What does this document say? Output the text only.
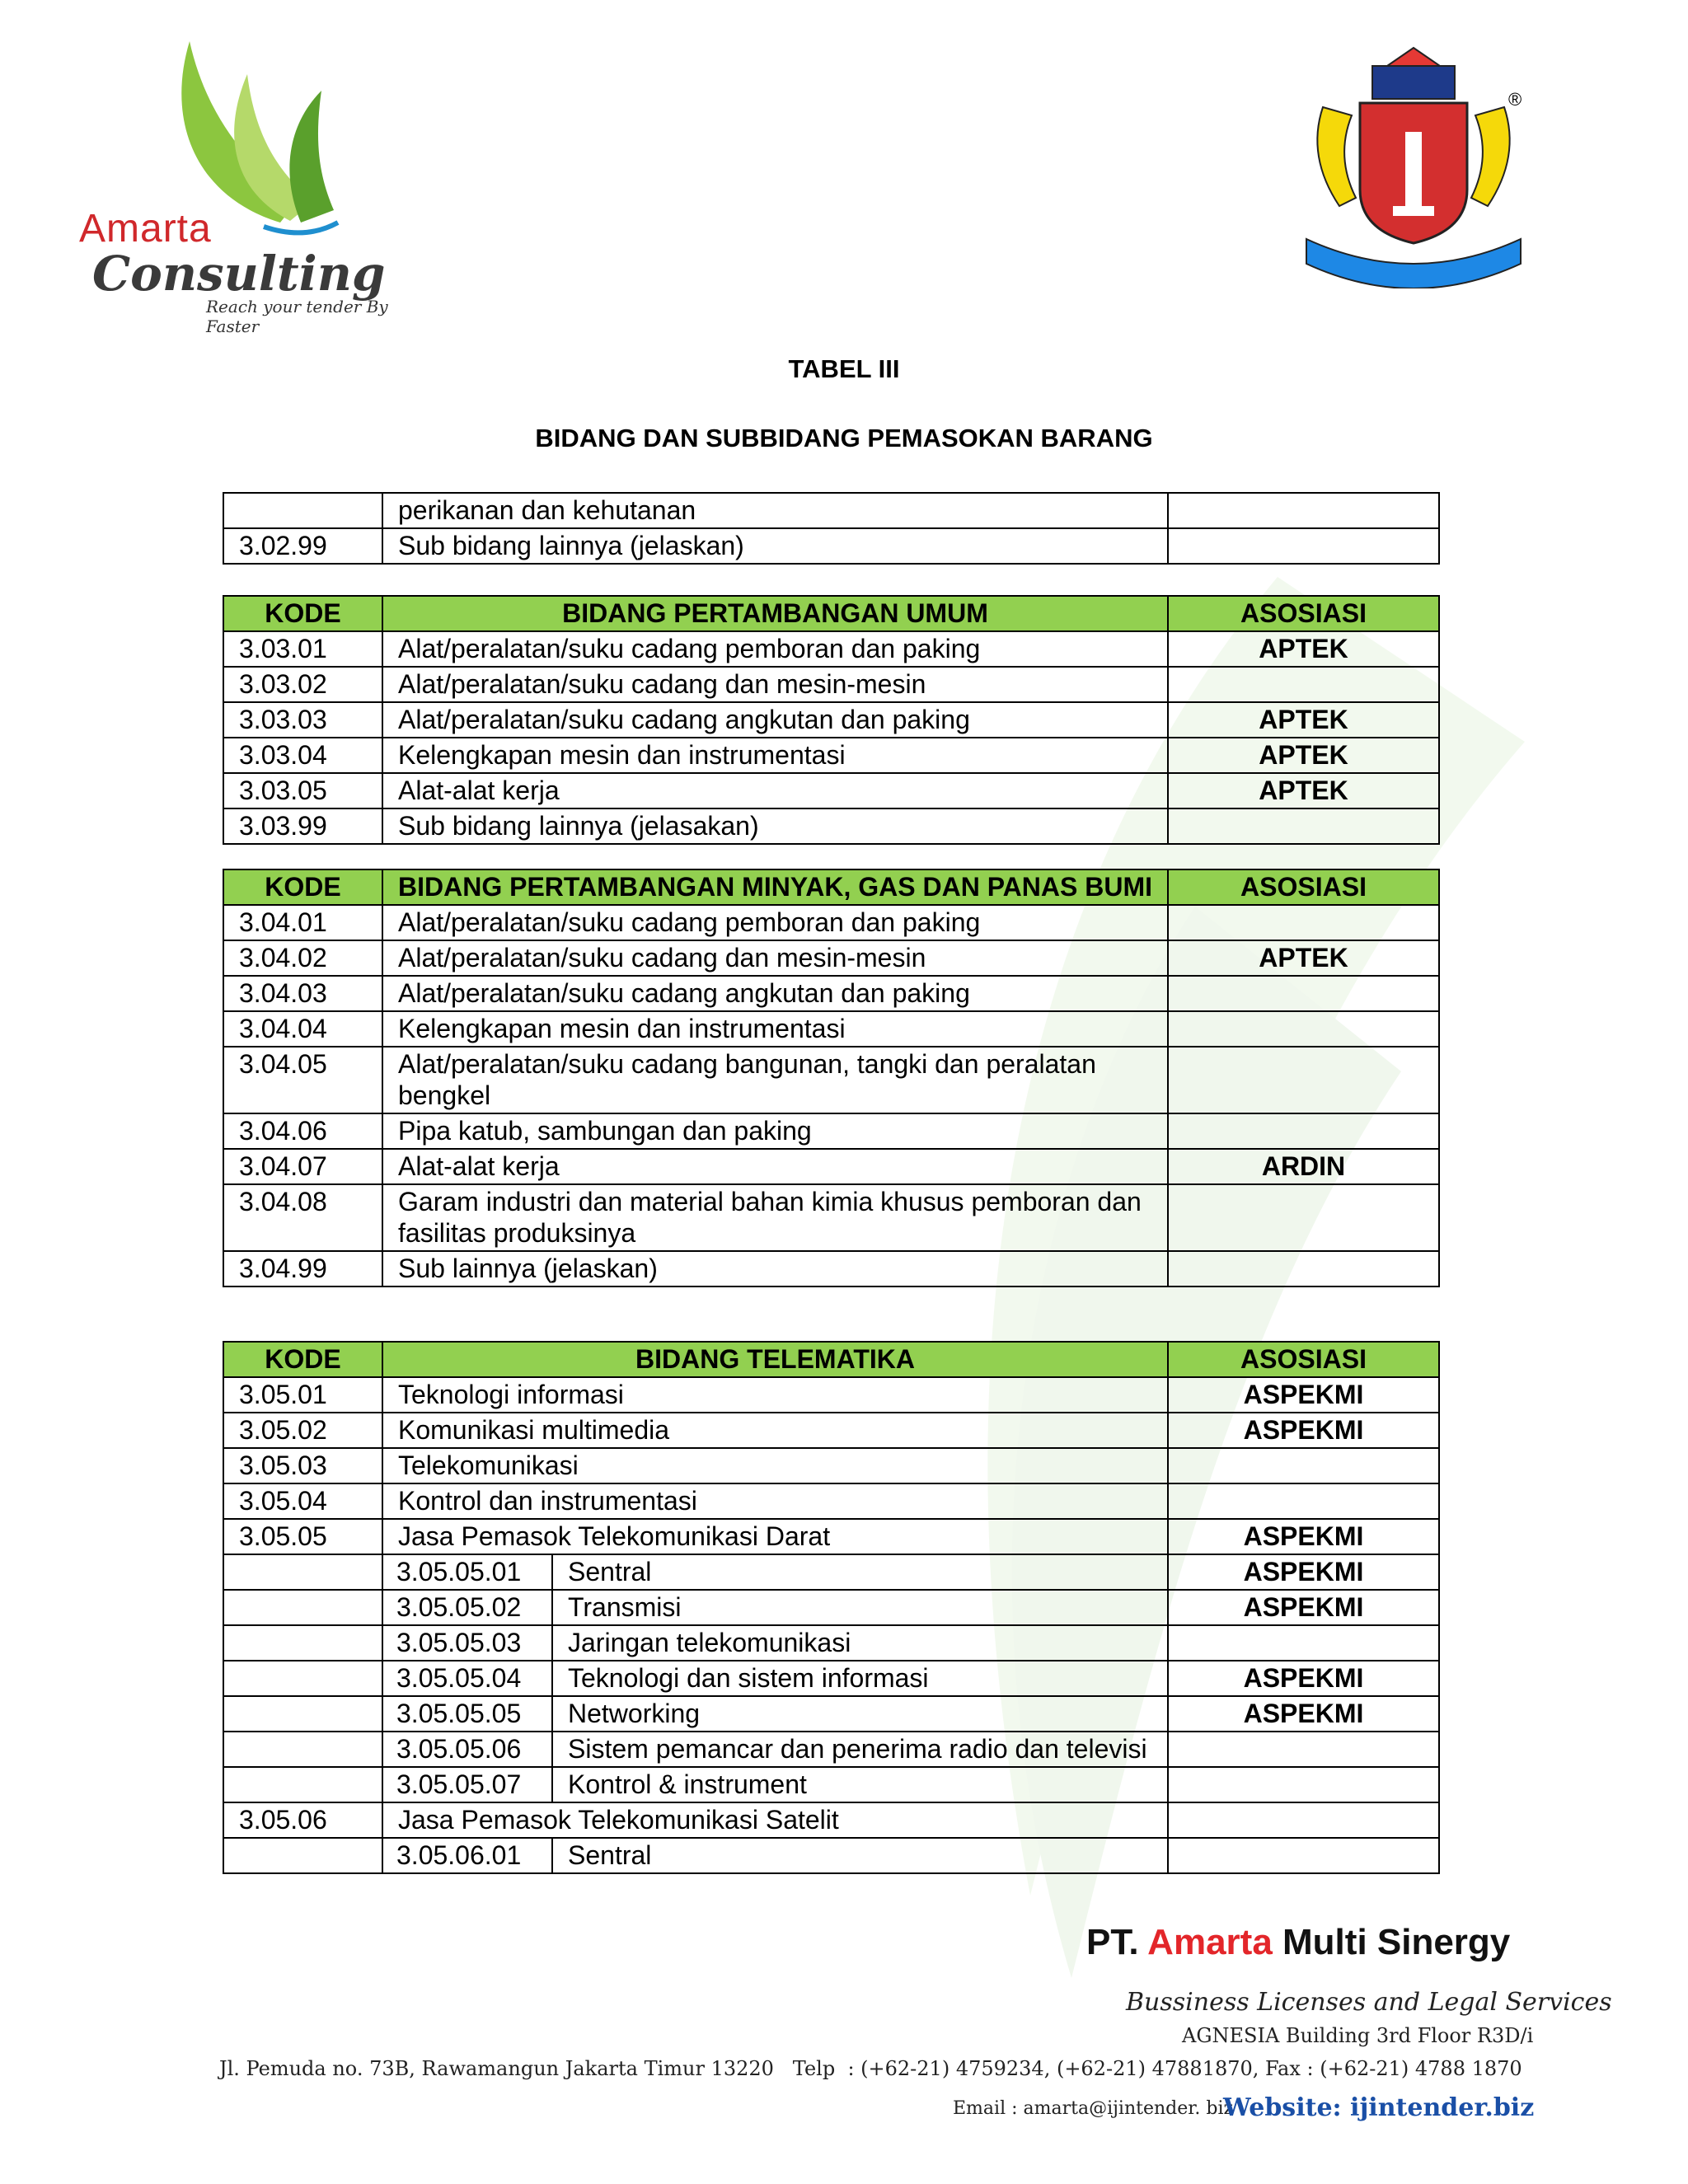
Amarta
Consulting
Reach your tender By Faster
®
TABEL III
BIDANG DAN SUBBIDANG PEMASOKAN BARANG
	perikanan dan kehutanan	
3.02.99	Sub bidang lainnya (jelaskan)	
KODE	BIDANG PERTAMBANGAN UMUM	ASOSIASI
3.03.01	Alat/peralatan/suku cadang pemboran dan paking	APTEK
3.03.02	Alat/peralatan/suku cadang dan mesin-mesin	
3.03.03	Alat/peralatan/suku cadang angkutan dan paking	APTEK
3.03.04	Kelengkapan mesin dan instrumentasi	APTEK
3.03.05	Alat-alat kerja	APTEK
3.03.99	Sub bidang lainnya (jelasakan)	
KODE	BIDANG PERTAMBANGAN MINYAK, GAS DAN PANAS BUMI	ASOSIASI
3.04.01	Alat/peralatan/suku cadang pemboran dan paking	
3.04.02	Alat/peralatan/suku cadang dan mesin-mesin	APTEK
3.04.03	Alat/peralatan/suku cadang angkutan dan paking	
3.04.04	Kelengkapan mesin dan instrumentasi	
3.04.05	Alat/peralatan/suku cadang bangunan, tangki dan peralatan bengkel	
3.04.06	Pipa katub, sambungan dan paking	
3.04.07	Alat-alat kerja	ARDIN
3.04.08	Garam industri dan material bahan kimia khusus pemboran dan fasilitas produksinya	
3.04.99	Sub lainnya (jelaskan)	
KODE	BIDANG TELEMATIKA		ASOSIASI
3.05.01	Teknologi informasi		ASPEKMI
3.05.02	Komunikasi multimedia		ASPEKMI
3.05.03	Telekomunikasi		
3.05.04	Kontrol dan instrumentasi		
3.05.05	Jasa Pemasok Telekomunikasi Darat		ASPEKMI
	3.05.05.01	Sentral	ASPEKMI
	3.05.05.02	Transmisi	ASPEKMI
	3.05.05.03	Jaringan telekomunikasi	
	3.05.05.04	Teknologi dan sistem informasi	ASPEKMI
	3.05.05.05	Networking	ASPEKMI
	3.05.05.06	Sistem pemancar dan penerima radio dan televisi	
	3.05.05.07	Kontrol & instrument	
3.05.06	Jasa Pemasok Telekomunikasi Satelit		
	3.05.06.01	Sentral	
PT. Amarta Multi Sinergy
Bussiness Licenses and Legal Services
AGNESIA Building 3rd Floor R3D/i
Jl. Pemuda no. 73B, Rawamangun Jakarta Timur 13220   Telp  : (+62-21) 4759234, (+62-21) 47881870, Fax : (+62-21) 4788 1870
Email : amarta@ijintender. biz
Website: ijintender.biz
